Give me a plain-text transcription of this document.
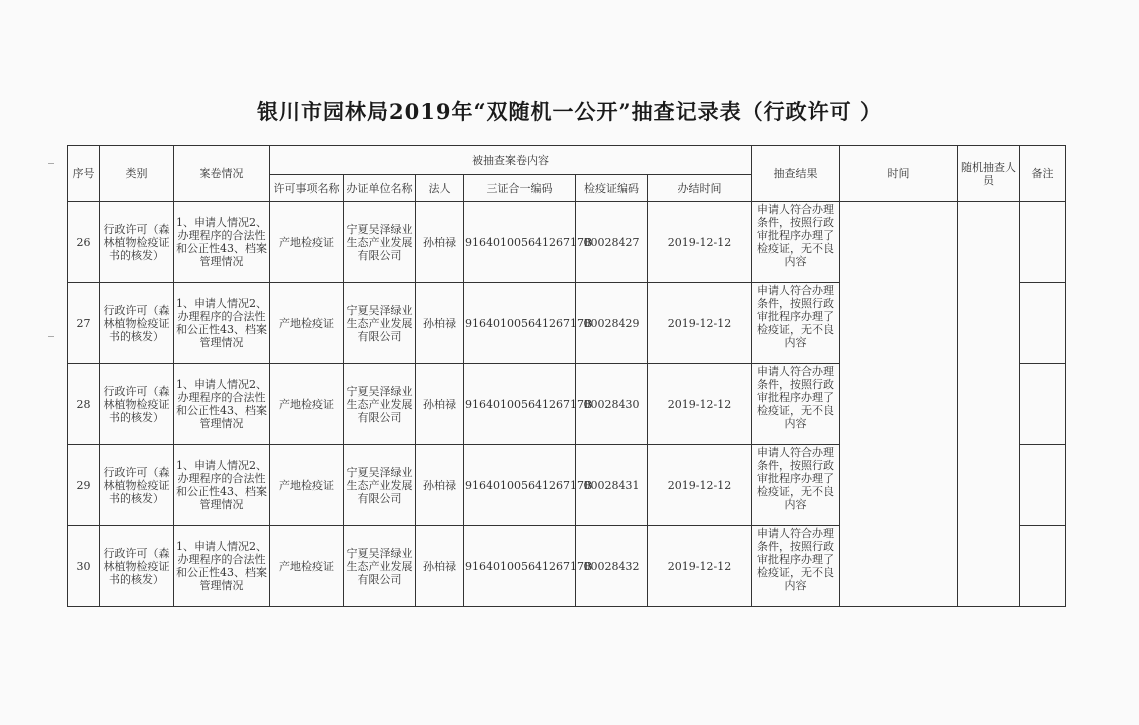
银川市园林局2019年“双随机一公开”抽查记录表（行政许可 ）
序号	类别	案卷情况	被抽查案卷内容						抽查结果	时间	随机抽查人员	备注
			许可事项名称	办证单位名称	法人	三证合一编码	检疫证编码	办结时间				
26	行政许可（森林植物检疫证书的核发）	1、申请人情况2、办理程序的合法性和公正性43、档案管理情况	产地检疫证	宁夏吴泽绿业生态产业发展有限公司	孙柏禄	91640100564126717B	00028427	2019-12-12	申请人符合办理条件，按照行政审批程序办理了检疫证，无不良内容			

27	行政许可（森林植物检疫证书的核发）	1、申请人情况2、办理程序的合法性和公正性43、档案管理情况	产地检疫证	宁夏吴泽绿业生态产业发展有限公司	孙柏禄	91640100564126717B	00028429	2019-12-12	申请人符合办理条件，按照行政审批程序办理了检疫证，无不良内容			

28	行政许可（森林植物检疫证书的核发）	1、申请人情况2、办理程序的合法性和公正性43、档案管理情况	产地检疫证	宁夏吴泽绿业生态产业发展有限公司	孙柏禄	91640100564126717B	00028430	2019-12-12	申请人符合办理条件，按照行政审批程序办理了检疫证，无不良内容			

29	行政许可（森林植物检疫证书的核发）	1、申请人情况2、办理程序的合法性和公正性43、档案管理情况	产地检疫证	宁夏吴泽绿业生态产业发展有限公司	孙柏禄	91640100564126717B	00028431	2019-12-12	申请人符合办理条件，按照行政审批程序办理了检疫证，无不良内容			

30	行政许可（森林植物检疫证书的核发）	1、申请人情况2、办理程序的合法性和公正性43、档案管理情况	产地检疫证	宁夏吴泽绿业生态产业发展有限公司	孙柏禄	91640100564126717B	00028432	2019-12-12	申请人符合办理条件，按照行政审批程序办理了检疫证，无不良内容			
